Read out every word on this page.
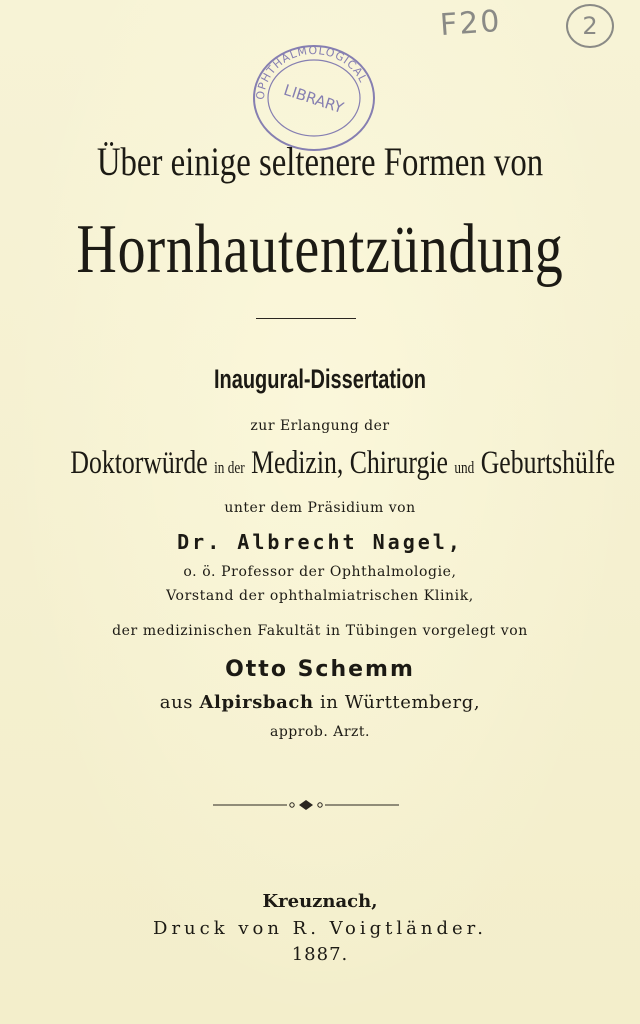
F20	2
OPHTHALMOLOGICAL
LIBRARY
Über einige seltenere Formen von
Hornhautentzündung
Inaugural-Dissertation
zur Erlangung der
Doktorwürde in der Medizin, Chirurgie und Geburtshülfe
unter dem Präsidium von
Dr. Albrecht Nagel,
o. ö. Professor der Ophthalmologie,
Vorstand der ophthalmiatrischen Klinik,
der medizinischen Fakultät in Tübingen vorgelegt von
Otto Schemm
aus Alpirsbach in Württemberg,
approb. Arzt.
Kreuznach,
Druck von R. Voigtländer.
1887.
